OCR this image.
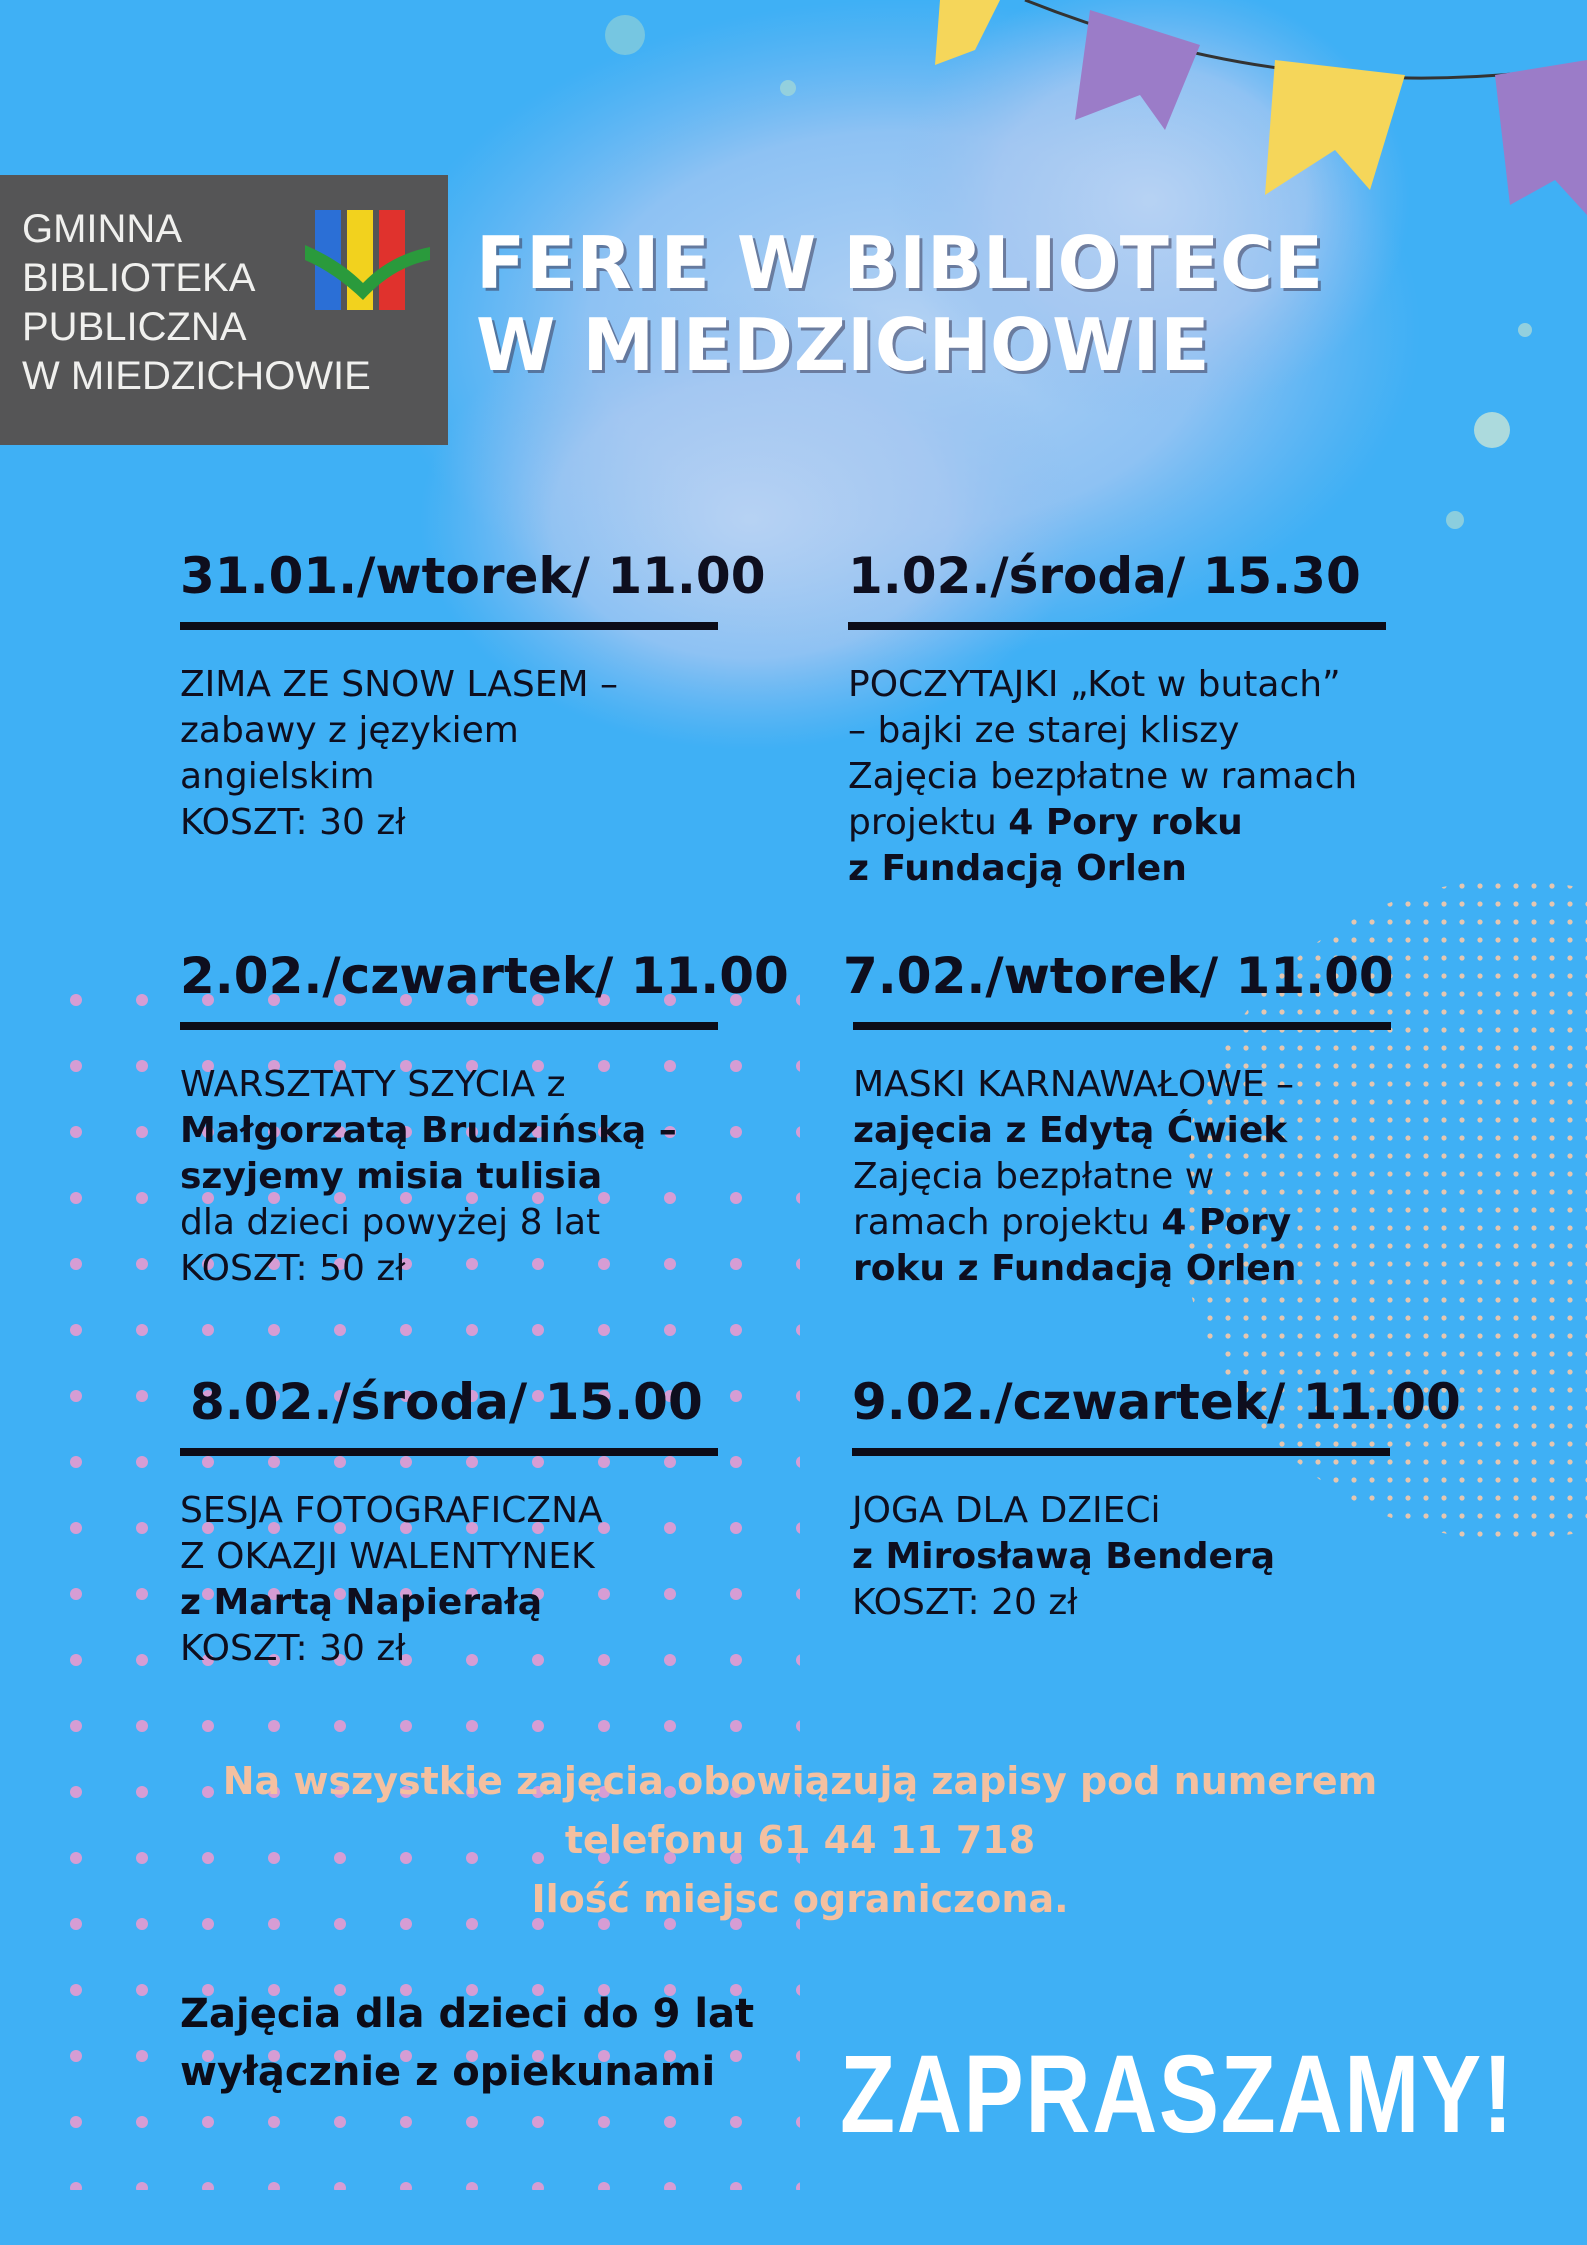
GMINNA
BIBLIOTEKA
PUBLICZNA
W MIEDZICHOWIE
FERIE W BIBLIOTECE
W MIEDZICHOWIE
31.01./wtorek/ 11.00
ZIMA ZE SNOW LASEM –
zabawy z językiem
angielskim
KOSZT: 30 zł
1.02./środa/ 15.30
POCZYTAJKI „Kot w butach”
– bajki ze starej kliszy
Zajęcia bezpłatne w ramach
projektu 4 Pory roku
z Fundacją Orlen
2.02./czwartek/ 11.00
WARSZTATY SZYCIA z
Małgorzatą Brudzińską –
szyjemy misia tulisia
dla dzieci powyżej 8 lat
KOSZT: 50 zł
7.02./wtorek/ 11.00
MASKI KARNAWAŁOWE –
zajęcia z Edytą Ćwiek
Zajęcia bezpłatne w
ramach projektu 4 Pory
roku z Fundacją Orlen
8.02./środa/ 15.00
SESJA FOTOGRAFICZNA
Z OKAZJI WALENTYNEK
z Martą Napierałą
KOSZT: 30 zł
9.02./czwartek/ 11.00
JOGA DLA DZIECi
z Mirosławą Benderą
KOSZT: 20 zł
Na wszystkie zajęcia obowiązują zapisy pod numerem
telefonu 61 44 11 718
Ilość miejsc ograniczona.
Zajęcia dla dzieci do 9 lat
wyłącznie z opiekunami	ZAPRASZAMY!
